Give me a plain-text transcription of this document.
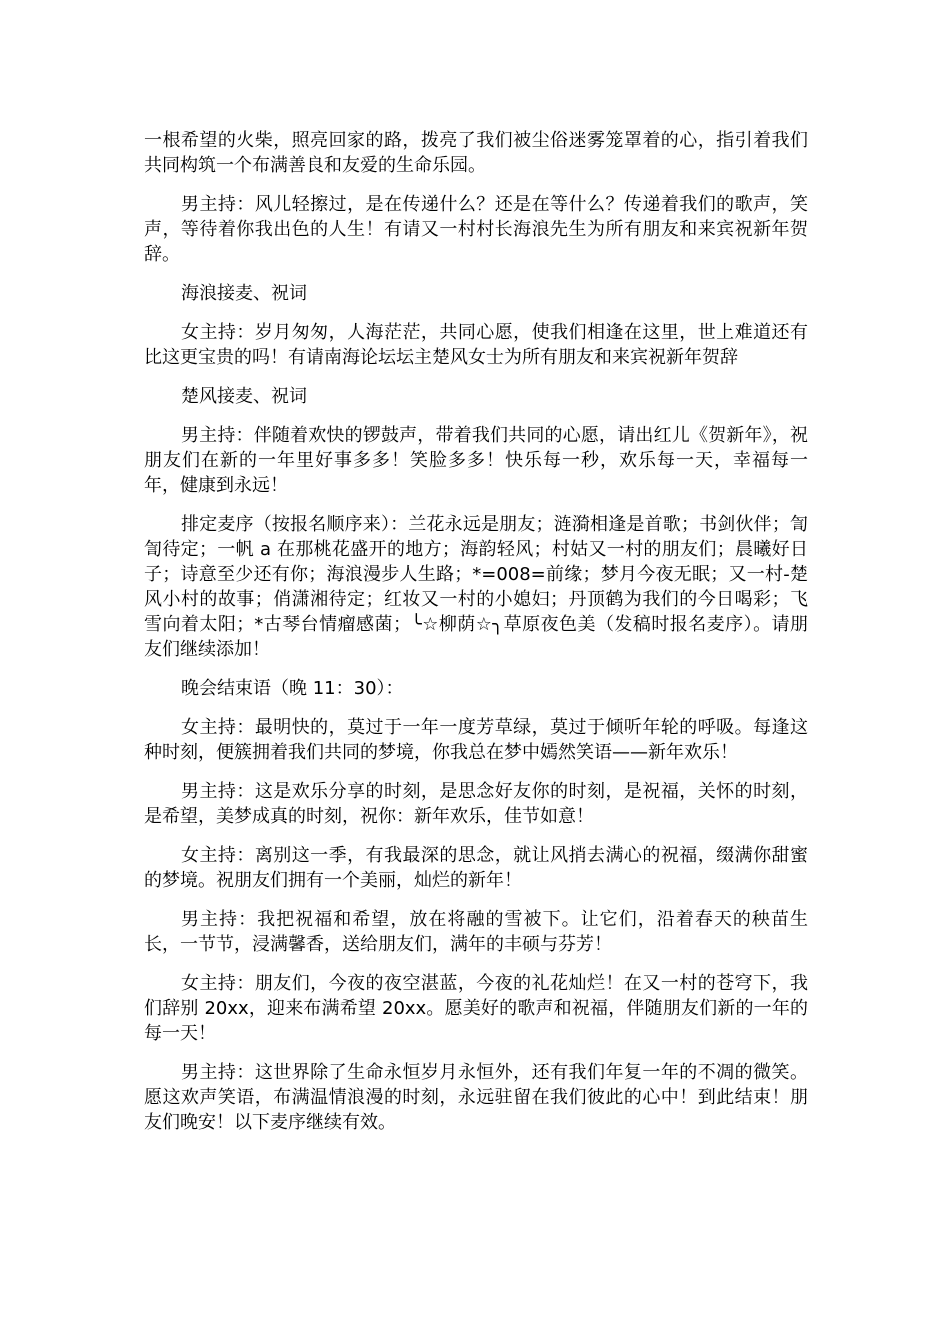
一根希望的火柴，照亮回家的路，拨亮了我们被尘俗迷雾笼罩着的心，指引着我们共同构筑一个布满善良和友爱的生命乐园。

男主持：风儿轻擦过，是在传递什么？还是在等什么？传递着我们的歌声，笑声，等待着你我出色的人生！有请又一村村长海浪先生为所有朋友和来宾祝新年贺辞。

海浪接麦、祝词

女主持：岁月匆匆，人海茫茫，共同心愿，使我们相逢在这里，世上难道还有比这更宝贵的吗！有请南海论坛坛主楚风女士为所有朋友和来宾祝新年贺辞

楚风接麦、祝词

男主持：伴随着欢快的锣鼓声，带着我们共同的心愿，请出红儿《贺新年》，祝朋友们在新的一年里好事多多！笑脸多多！快乐每一秒，欢乐每一天，幸福每一年，健康到永远！

排定麦序（按报名顺序来）：兰花永远是朋友；涟漪相逢是首歌；书剑伙伴；訇訇待定；一帆 a 在那桃花盛开的地方；海韵轻风；村姑又一村的朋友们；晨曦好日子；诗意至少还有你；海浪漫步人生路；*=008=前缘；梦月今夜无眠；又一村-楚风小村的故事；俏潇湘待定；红妆又一村的小媳妇；丹顶鹤为我们的今日喝彩；飞雪向着太阳；*古琴台情瘤感菌；╰☆柳荫☆╮草原夜色美（发稿时报名麦序）。请朋友们继续添加！

晚会结束语（晚 11：30）：

女主持：最明快的，莫过于一年一度芳草绿，莫过于倾听年轮的呼吸。每逢这种时刻，便簇拥着我们共同的梦境，你我总在梦中嫣然笑语——新年欢乐！

男主持：这是欢乐分享的时刻，是思念好友你的时刻，是祝福，关怀的时刻，是希望，美梦成真的时刻，祝你：新年欢乐，佳节如意！

女主持：离别这一季，有我最深的思念，就让风捎去满心的祝福，缀满你甜蜜的梦境。祝朋友们拥有一个美丽，灿烂的新年！

男主持：我把祝福和希望，放在将融的雪被下。让它们，沿着春天的秧苗生长，一节节，浸满馨香，送给朋友们，满年的丰硕与芬芳！

女主持：朋友们，今夜的夜空湛蓝，今夜的礼花灿烂！在又一村的苍穹下，我们辞别 20xx，迎来布满希望 20xx。愿美好的歌声和祝福，伴随朋友们新的一年的每一天！

男主持：这世界除了生命永恒岁月永恒外，还有我们年复一年的不凋的微笑。愿这欢声笑语，布满温情浪漫的时刻，永远驻留在我们彼此的心中！到此结束！朋友们晚安！以下麦序继续有效。
